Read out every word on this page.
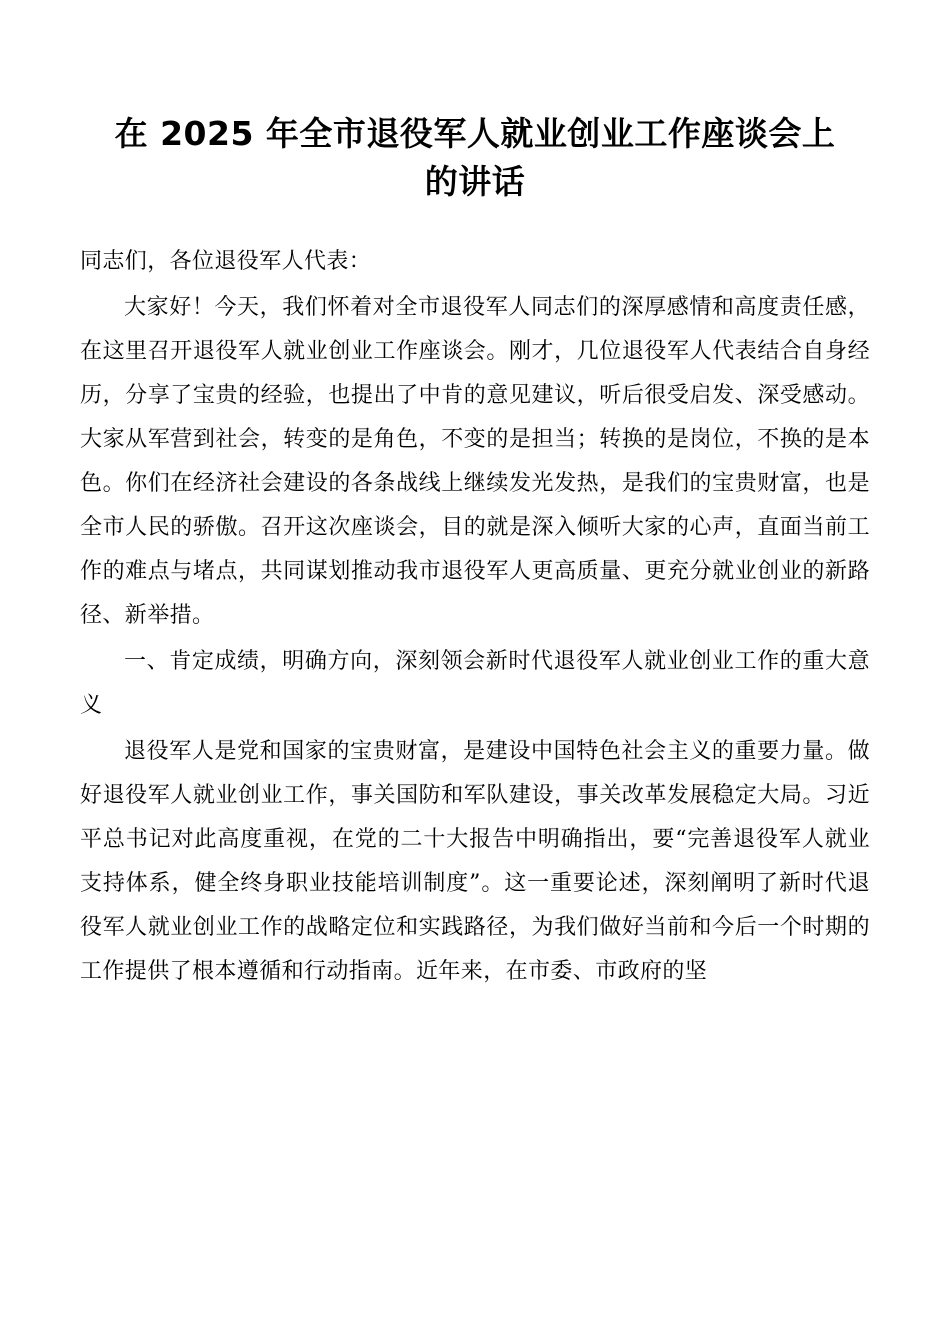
在 2025 年全市退役军人就业创业工作座谈会上的讲话

同志们，各位退役军人代表：

大家好！今天，我们怀着对全市退役军人同志们的深厚感情和高度责任感，在这里召开退役军人就业创业工作座谈会。刚才，几位退役军人代表结合自身经历，分享了宝贵的经验，也提出了中肯的意见建议，听后很受启发、深受感动。大家从军营到社会，转变的是角色，不变的是担当；转换的是岗位，不换的是本色。你们在经济社会建设的各条战线上继续发光发热，是我们的宝贵财富，也是全市人民的骄傲。召开这次座谈会，目的就是深入倾听大家的心声，直面当前工作的难点与堵点，共同谋划推动我市退役军人更高质量、更充分就业创业的新路径、新举措。

一、肯定成绩，明确方向，深刻领会新时代退役军人就业创业工作的重大意义

退役军人是党和国家的宝贵财富，是建设中国特色社会主义的重要力量。做好退役军人就业创业工作，事关国防和军队建设，事关改革发展稳定大局。习近平总书记对此高度重视，在党的二十大报告中明确指出，要“完善退役军人就业支持体系，健全终身职业技能培训制度”。这一重要论述，深刻阐明了新时代退役军人就业创业工作的战略定位和实践路径，为我们做好当前和今后一个时期的工作提供了根本遵循和行动指南。近年来，在市委、市政府的坚
